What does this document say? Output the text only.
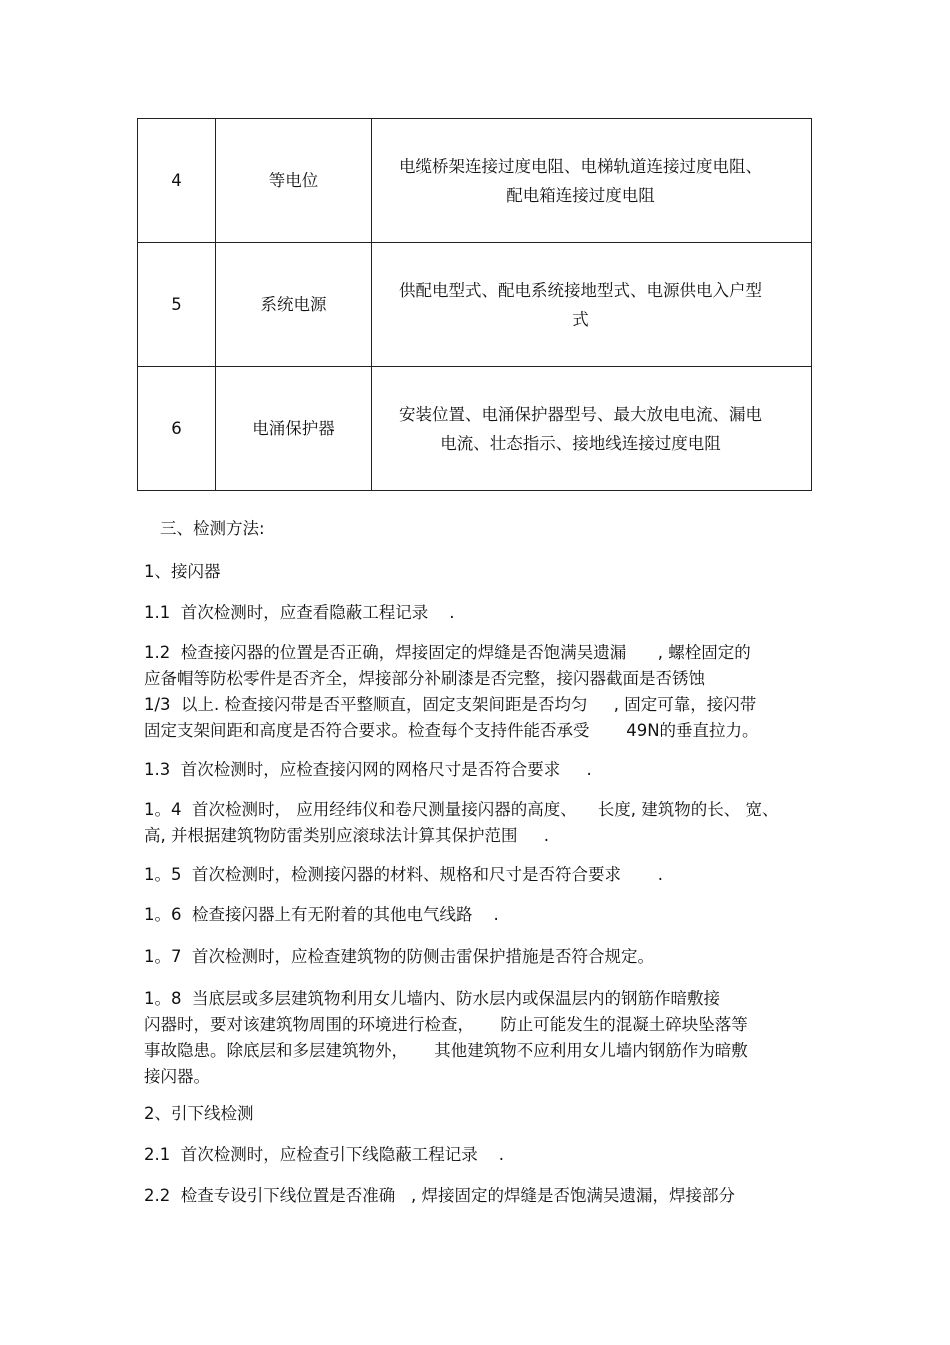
4	等电位	电缆桥架连接过度电阻、电梯轨道连接过度电阻、
配电箱连接过度电阻

5	系统电源	供配电型式、配电系统接地型式、电源供电入户型
式

6	电涌保护器	安装位置、电涌保护器型号、最大放电电流、漏电
电流、壮态指示、接地线连接过度电阻

三、检测方法:

1、接闪器

1.1  首次检测时，应查看隐蔽工程记录    .

1.2  检查接闪器的位置是否正确，焊接固定的焊缝是否饱满吴遗漏      , 螺栓固定的
应备帽等防松零件是否齐全，焊接部分补刷漆是否完整，接闪器截面是否锈蚀
1/3  以上. 检查接闪带是否平整顺直，固定支架间距是否均匀     , 固定可靠，接闪带
固定支架间距和高度是否符合要求。检查每个支持件能否承受       49N的垂直拉力。

1.3  首次检测时，应检查接闪网的网格尺寸是否符合要求     .

1。4  首次检测时， 应用经纬仪和卷尺测量接闪器的高度、    长度, 建筑物的长、 宽、
高, 并根据建筑物防雷类别应滚球法计算其保护范围     .

1。5  首次检测时，检测接闪器的材料、规格和尺寸是否符合要求       .

1。6  检查接闪器上有无附着的其他电气线路    .

1。7  首次检测时，应检查建筑物的防侧击雷保护措施是否符合规定。

1。8  当底层或多层建筑物利用女儿墙内、防水层内或保温层内的钢筋作暗敷接
闪器时，要对该建筑物周围的环境进行检查，     防止可能发生的混凝土碎块坠落等
事故隐患。除底层和多层建筑物外，     其他建筑物不应利用女儿墙内钢筋作为暗敷
接闪器。

2、引下线检测

2.1  首次检测时，应检查引下线隐蔽工程记录    .

2.2  检查专设引下线位置是否准确   , 焊接固定的焊缝是否饱满吴遗漏，焊接部分
